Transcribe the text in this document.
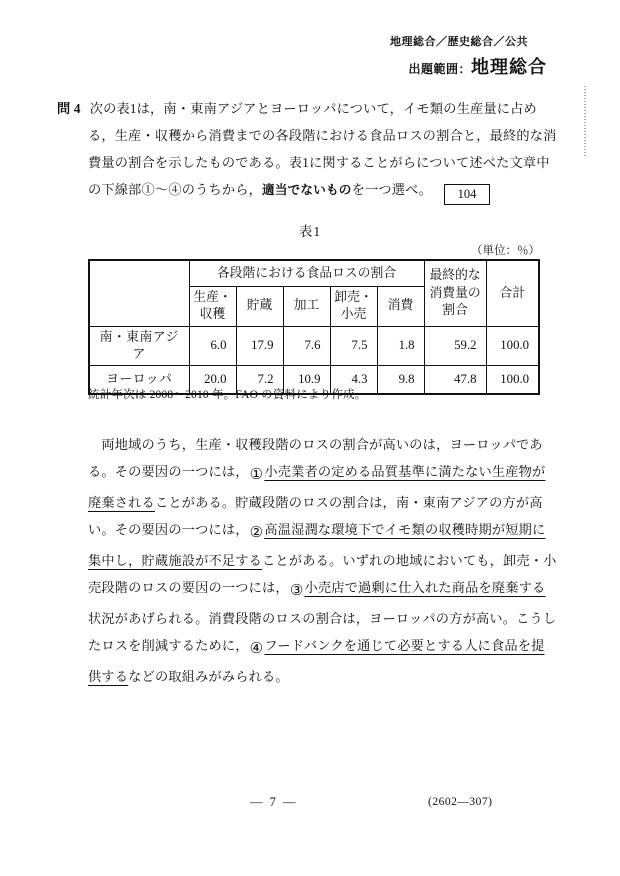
地理総合／歴史総合／公共
出題範囲：地理総合
問 4 次の表1は，南・東南アジアとヨーロッパについて，イモ類の生産量に占め
る，生産・収穫から消費までの各段階における食品ロスの割合と，最終的な消
費量の割合を示したものである。表1に関することがらについて述べた文章中
の下線部①～④のうちから，適当でないものを一つ選べ。 104
表1
（単位：％）
	各段階における食品ロスの割合					最終的な消費量の割合	合計
	生産・収穫	貯蔵	加工	卸売・小売	消費		
南・東南アジア	6.0	17.9	7.6	7.5	1.8	59.2	100.0
ヨーロッパ	20.0	7.2	10.9	4.3	9.8	47.8	100.0
統計年次は 2008～2010 年。FAO の資料により作成。
　両地域のうち，生産・収穫段階のロスの割合が高いのは，ヨーロッパであ
る。その要因の一つには，①小売業者の定める品質基準に満たない生産物が
廃棄されることがある。貯蔵段階のロスの割合は，南・東南アジアの方が高
い。その要因の一つには，②高温湿潤な環境下でイモ類の収穫時期が短期に
集中し，貯蔵施設が不足することがある。いずれの地域においても，卸売・小
売段階のロスの要因の一つには，③小売店で過剰に仕入れた商品を廃棄する
状況があげられる。消費段階のロスの割合は，ヨーロッパの方が高い。こうし
たロスを削減するために，④フードバンクを通じて必要とする人に食品を提
供するなどの取組みがみられる。
— 7 —	(2602—307)
